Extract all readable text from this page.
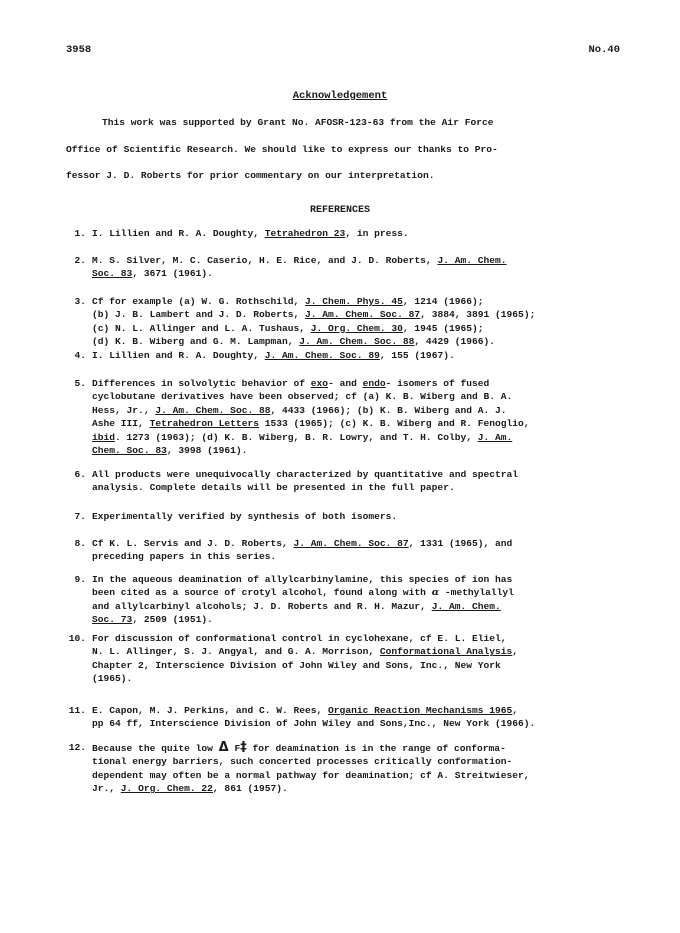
3958	No.40
Acknowledgement
This work was supported by Grant No. AFOSR-123-63 from the Air Force
Office of Scientific Research. We should like to express our thanks to Pro-
fessor J. D. Roberts for prior commentary on our interpretation.
REFERENCES
1. I. Lillien and R. A. Doughty, Tetrahedron 23, in press.
2. M. S. Silver, M. C. Caserio, H. E. Rice, and J. D. Roberts, J. Am. Chem.
Soc. 83, 3671 (1961).
3. Cf for example (a) W. G. Rothschild, J. Chem. Phys. 45, 1214 (1966);
(b) J. B. Lambert and J. D. Roberts, J. Am. Chem. Soc. 87, 3884, 3891 (1965);
(c) N. L. Allinger and L. A. Tushaus, J. Org. Chem. 30, 1945 (1965);
(d) K. B. Wiberg and G. M. Lampman, J. Am. Chem. Soc. 88, 4429 (1966).
4. I. Lillien and R. A. Doughty, J. Am. Chem. Soc. 89, 155 (1967).
5. Differences in solvolytic behavior of exo- and endo- isomers of fused
cyclobutane derivatives have been observed; cf (a) K. B. Wiberg and B. A.
Hess, Jr., J. Am. Chem. Soc. 88, 4433 (1966); (b) K. B. Wiberg and A. J.
Ashe III, Tetrahedron Letters 1533 (1965); (c) K. B. Wiberg and R. Fenoglio,
ibid. 1273 (1963); (d) K. B. Wiberg, B. R. Lowry, and T. H. Colby, J. Am.
Chem. Soc. 83, 3998 (1961).
6. All products were unequivocally characterized by quantitative and spectral
analysis. Complete details will be presented in the full paper.
7. Experimentally verified by synthesis of both isomers.
8. Cf K. L. Servis and J. D. Roberts, J. Am. Chem. Soc. 87, 1331 (1965), and
preceding papers in this series.
9. In the aqueous deamination of allylcarbinylamine, this species of ion has
been cited as a source of crotyl alcohol, found along with α -methylallyl
and allylcarbinyl alcohols; J. D. Roberts and R. H. Mazur, J. Am. Chem.
Soc. 73, 2509 (1951).
10. For discussion of conformational control in cyclohexane, cf E. L. Eliel,
N. L. Allinger, S. J. Angyal, and G. A. Morrison, Conformational Analysis,
Chapter 2, Interscience Division of John Wiley and Sons, Inc., New York
(1965).
11. E. Capon, M. J. Perkins, and C. W. Rees, Organic Reaction Mechanisms 1965,
pp 64 ff, Interscience Division of John Wiley and Sons,Inc., New York (1966).
12. Because the quite low Δ F‡ for deamination is in the range of conforma-
tional energy barriers, such concerted processes critically conformation-
dependent may often be a normal pathway for deamination; cf A. Streitwieser,
Jr., J. Org. Chem. 22, 861 (1957).
